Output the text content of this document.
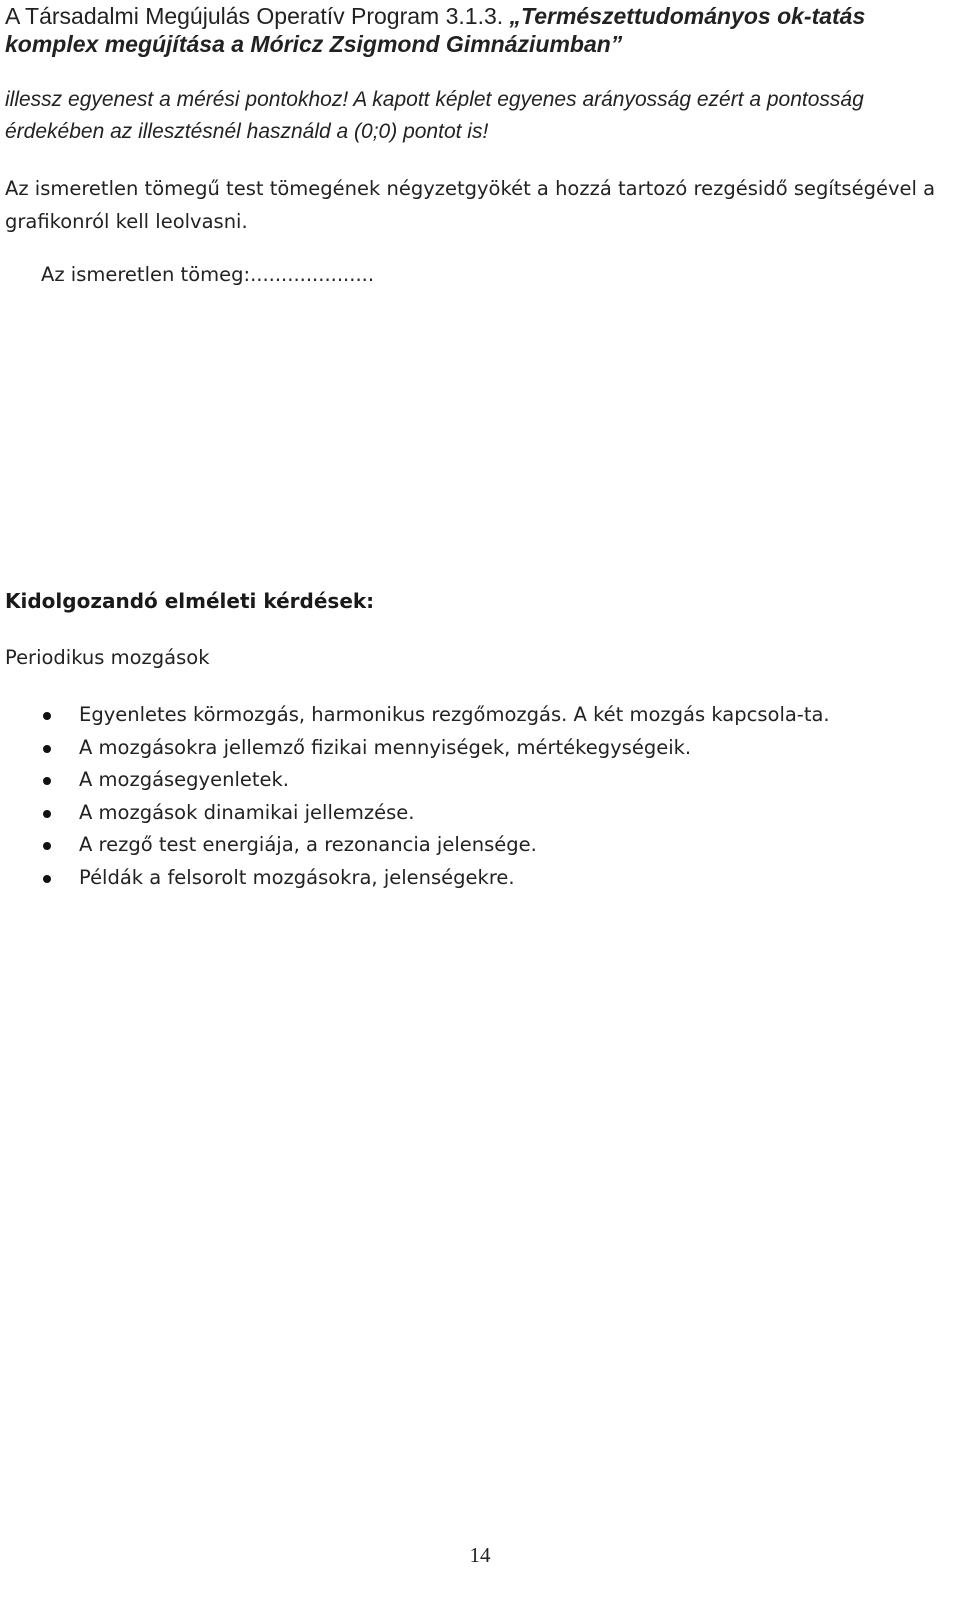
A Társadalmi Megújulás Operatív Program 3.1.3. „Természettudományos ok-tatás komplex megújítása a Móricz Zsigmond Gimnáziumban”
illessz egyenest a mérési pontokhoz! A kapott képlet egyenes arányosság ezért a pontosság érdekében az illesztésnél használd a (0;0) pontot is!
Az ismeretlen tömegű test tömegének négyzetgyökét a hozzá tartozó rezgésidő segítségével a grafikonról kell leolvasni.
Az ismeretlen tömeg:....................
Kidolgozandó elméleti kérdések:
Periodikus mozgások
Egyenletes körmozgás, harmonikus rezgőmozgás. A két mozgás kapcsola-ta.
A mozgásokra jellemző fizikai mennyiségek, mértékegységeik.
A mozgásegyenletek.
A mozgások dinamikai jellemzése.
A rezgő test energiája, a rezonancia jelensége.
Példák a felsorolt mozgásokra, jelenségekre.
14
